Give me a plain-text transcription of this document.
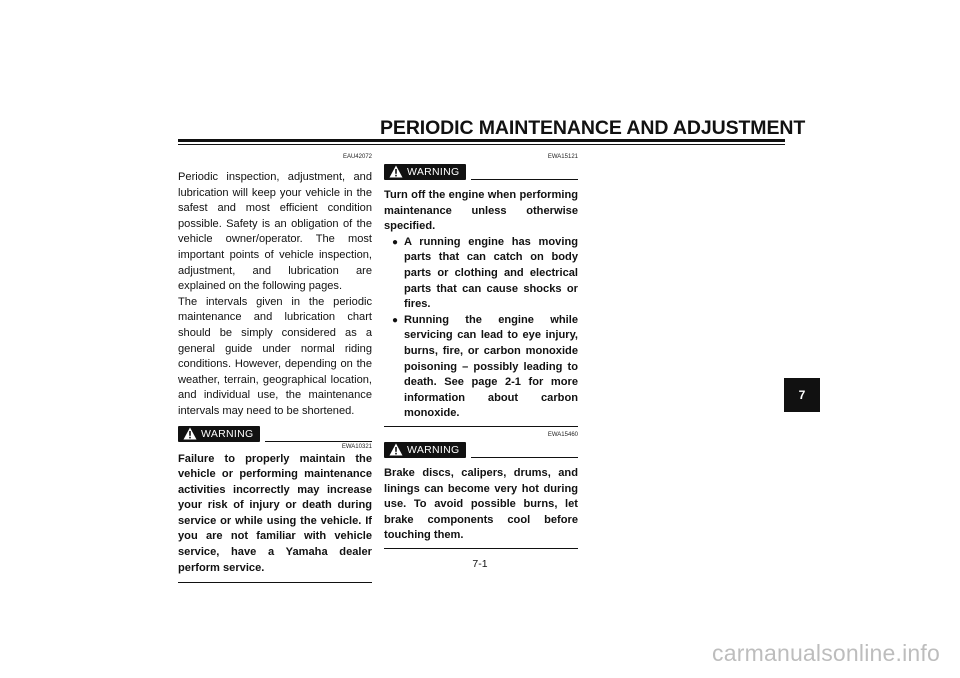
PERIODIC MAINTENANCE AND ADJUSTMENT
EAU42072

Periodic inspection, adjustment, and lubrication will keep your vehicle in the safest and most efficient condition possible. Safety is an obligation of the vehicle owner/operator. The most important points of vehicle inspection, adjustment, and lubrication are explained on the following pages.

The intervals given in the periodic maintenance and lubrication chart should be simply considered as a general guide under normal riding conditions. However, depending on the weather, terrain, geographical location, and individual use, the maintenance intervals may need to be shortened.

WARNING
EWA10321
Failure to properly maintain the vehicle or performing maintenance activities incorrectly may increase your risk of injury or death during service or while using the vehicle. If you are not familiar with vehicle service, have a Yamaha dealer perform service.
EWA15121
WARNING
Turn off the engine when performing maintenance unless otherwise specified.
● A running engine has moving parts that can catch on body parts or clothing and electrical parts that can cause shocks or fires.
● Running the engine while servicing can lead to eye injury, burns, fire, or carbon monoxide poisoning – possibly leading to death. See page 2-1 for more information about carbon monoxide.
EWA15460
WARNING
Brake discs, calipers, drums, and linings can become very hot during use. To avoid possible burns, let brake components cool before touching them.
7-1
7
carmanualsonline.info
